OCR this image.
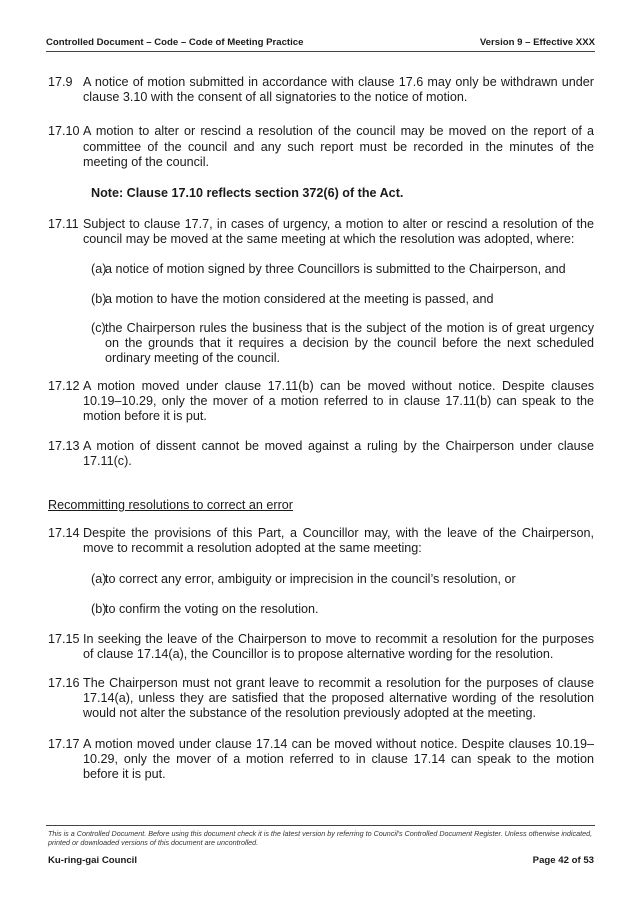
Controlled Document – Code – Code of Meeting Practice	Version 9 – Effective XXX
17.9 A notice of motion submitted in accordance with clause 17.6 may only be withdrawn under clause 3.10 with the consent of all signatories to the notice of motion.
17.10 A motion to alter or rescind a resolution of the council may be moved on the report of a committee of the council and any such report must be recorded in the minutes of the meeting of the council.
Note: Clause 17.10 reflects section 372(6) of the Act.
17.11 Subject to clause 17.7, in cases of urgency, a motion to alter or rescind a resolution of the council may be moved at the same meeting at which the resolution was adopted, where:
(a)
a notice of motion signed by three Councillors is submitted to the Chairperson, and
(b)
a motion to have the motion considered at the meeting is passed, and
(c) the Chairperson rules the business that is the subject of the motion is of great urgency on the grounds that it requires a decision by the council before the next scheduled ordinary meeting of the council.
17.12 A motion moved under clause 17.11(b) can be moved without notice. Despite clauses 10.19–10.29, only the mover of a motion referred to in clause 17.11(b) can speak to the motion before it is put.
17.13 A motion of dissent cannot be moved against a ruling by the Chairperson under clause 17.11(c).
Recommitting resolutions to correct an error
17.14 Despite the provisions of this Part, a Councillor may, with the leave of the Chairperson, move to recommit a resolution adopted at the same meeting:
(a)
to correct any error, ambiguity or imprecision in the council’s resolution, or
(b)
to confirm the voting on the resolution.
17.15 In seeking the leave of the Chairperson to move to recommit a resolution for the purposes of clause 17.14(a), the Councillor is to propose alternative wording for the resolution.
17.16 The Chairperson must not grant leave to recommit a resolution for the purposes of clause 17.14(a), unless they are satisfied that the proposed alternative wording of the resolution would not alter the substance of the resolution previously adopted at the meeting.
17.17 A motion moved under clause 17.14 can be moved without notice. Despite clauses 10.19–10.29, only the mover of a motion referred to in clause 17.14 can speak to the motion before it is put.
This is a Controlled Document. Before using this document check it is the latest version by referring to Council’s Controlled Document Register. Unless otherwise indicated, printed or downloaded versions of this document are uncontrolled.
Ku-ring-gai Council	Page 42 of 53
